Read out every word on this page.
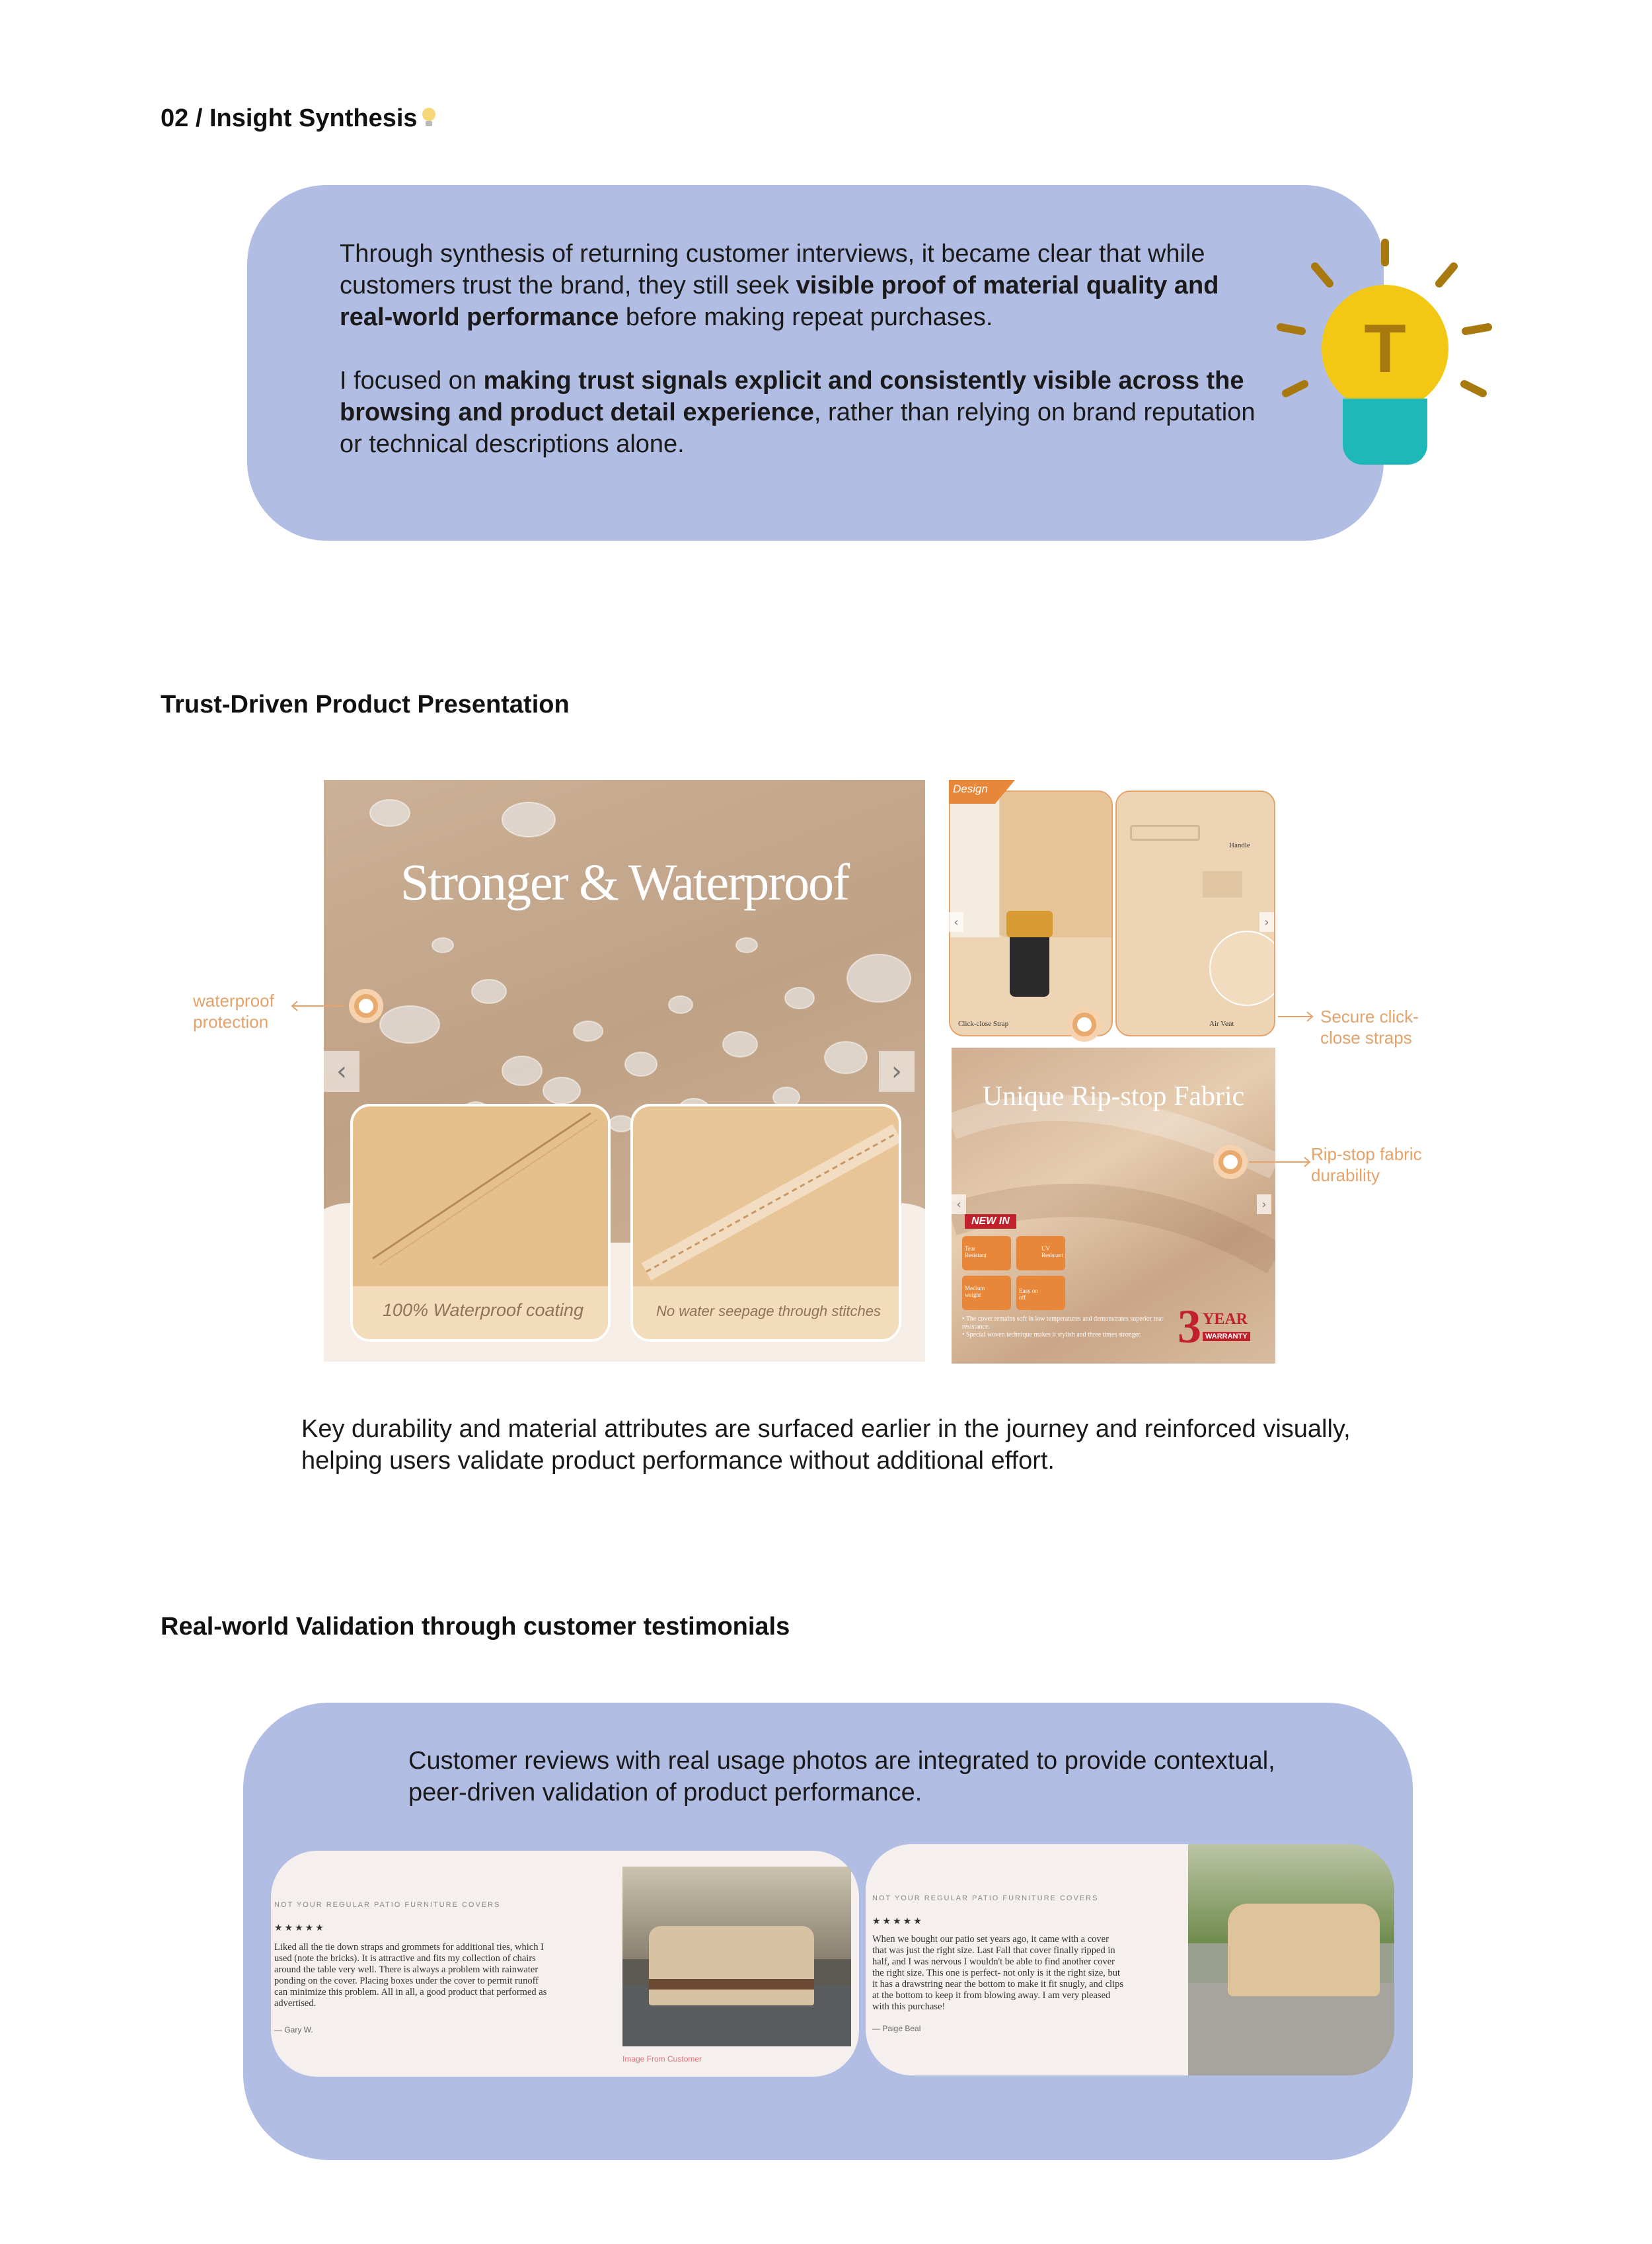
02 / Insight Synthesis
Through synthesis of returning customer interviews, it became clear that while customers trust the brand, they still seek visible proof of material quality and real-world performance before making repeat purchases.
I focused on making trust signals explicit and consistently visible across the browsing and product detail experience, rather than relying on brand reputation or technical descriptions alone.
T
Trust-Driven Product Presentation
Stronger & Waterproof
100% Waterproof coating	No water seepage through stitches
‹	›
waterproof
protection	Click-close Strap
Handle
Air Vent
Design
‹	›
Secure click-
close straps
Unique Rip-stop Fabric
NEW IN
Tear Resistant
UV Resistant
Medium weight
Easy on off
• The cover remains soft in low temperatures and demonstrates superior tear resistance.
• Special woven technique makes it stylish and three times stronger. 3 YEAR
WARRANTY
‹	›
Rip-stop fabric
durability
Key durability and material attributes are surfaced earlier in the journey and reinforced visually, helping users validate product performance without additional effort.
Real-world Validation through customer testimonials
Customer reviews with real usage photos are integrated to provide contextual, peer-driven validation of product performance.
NOT YOUR REGULAR PATIO FURNITURE COVERS
★★★★★
Liked all the tie down straps and grommets for additional ties, which I used (note the bricks). It is attractive and fits my collection of chairs around the table very well. There is always a problem with rainwater ponding on the cover. Placing boxes under the cover to permit runoff can minimize this problem. All in all, a good product that performed as advertised.
— Gary W.
Image From Customer
NOT YOUR REGULAR PATIO FURNITURE COVERS
★★★★★
When we bought our patio set years ago, it came with a cover that was just the right size. Last Fall that cover finally ripped in half, and I was nervous I wouldn't be able to find another cover the right size. This one is perfect- not only is it the right size, but it has a drawstring near the bottom to make it fit snugly, and clips at the bottom to keep it from blowing away. I am very pleased with this purchase!
— Paige Beal
